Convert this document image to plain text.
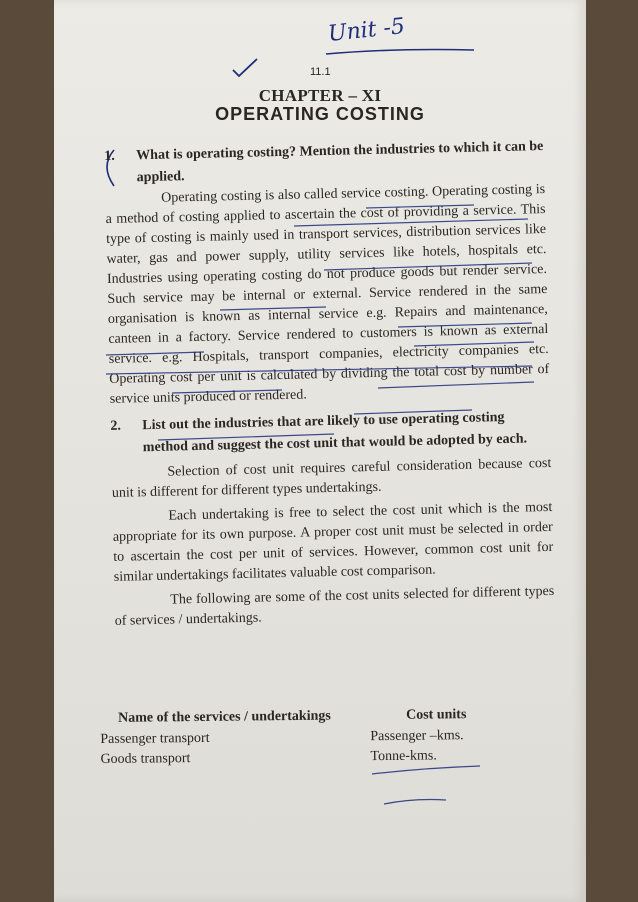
Unit -5
11.1
CHAPTER – XI
OPERATING COSTING
1.	What is operating costing? Mention the industries to which it can be applied.

Operating costing is also called service costing. Operating costing is a method of costing applied to ascertain the cost of providing a service. This type of costing is mainly used in transport services, distribution services like water, gas and power supply, utility services like hotels, hospitals etc. Industries using operating costing do not produce goods but render service. Such service may be internal or external. Service rendered in the same organisation is known as internal service e.g. Repairs and maintenance, canteen in a factory. Service rendered to customers is known as external service. e.g. Hospitals, transport companies, electricity companies etc. Operating cost per unit is calculated by dividing the total cost by number of service units produced or rendered.

2.	List out the industries that are likely to use operating costing method and suggest the cost unit that would be adopted by each.

Selection of cost unit requires careful consideration because cost unit is different for different types undertakings.

Each undertaking is free to select the cost unit which is the most appropriate for its own purpose. A proper cost unit must be selected in order to ascertain the cost per unit of services. However, common cost unit for similar undertakings facilitates valuable cost comparison.

The following are some of the cost units selected for different types of services / undertakings.

Name of the services / undertakings	Cost units
Passenger transport	Passenger –kms.
Goods transport	Tonne-kms.
